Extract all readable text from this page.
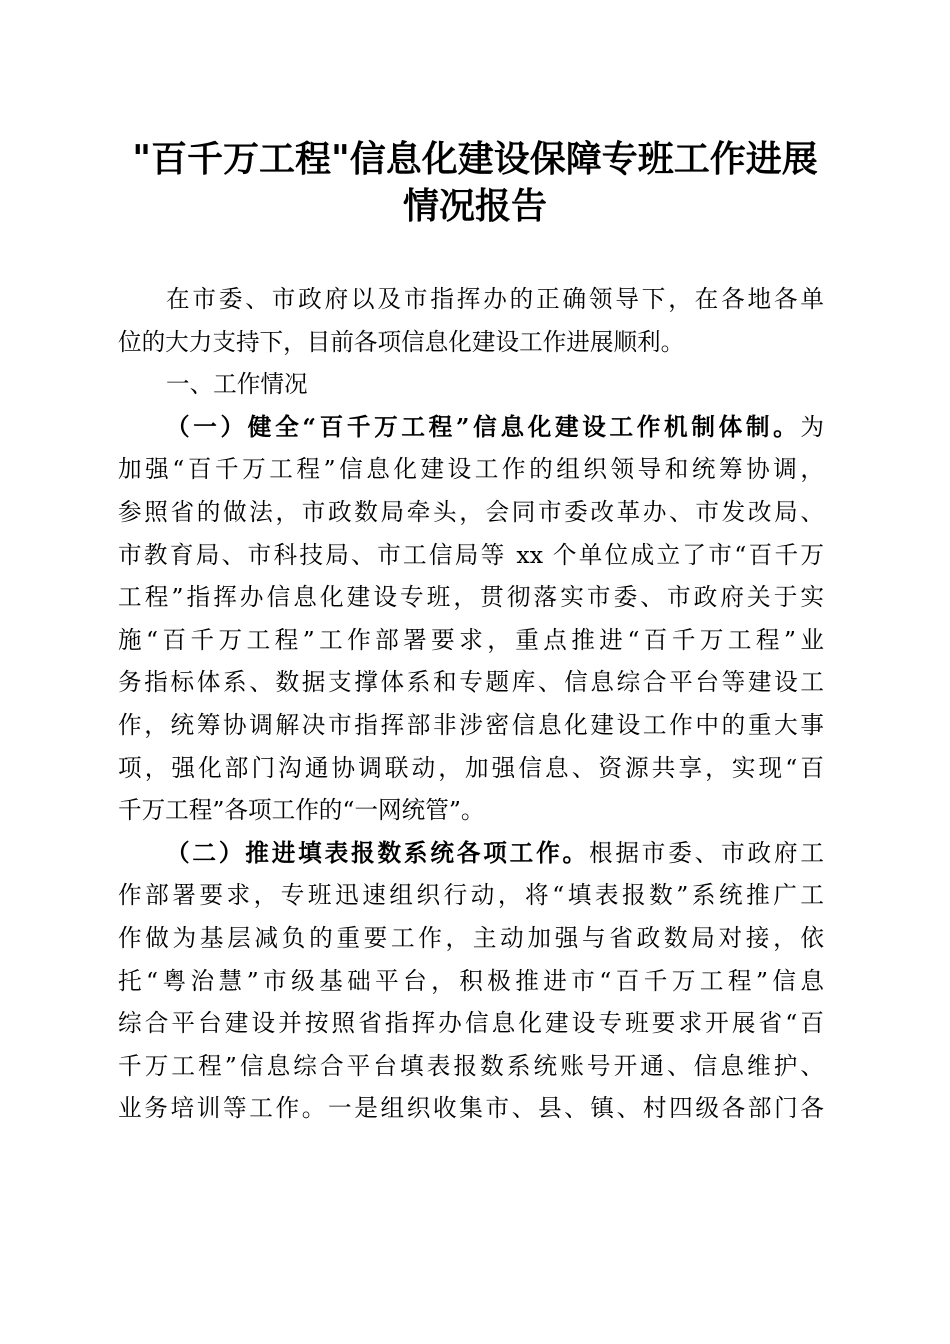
"百千万工程"信息化建设保障专班工作进展
情况报告
在市委、市政府以及市指挥办的正确领导下，在各地各单
位的大力支持下，目前各项信息化建设工作进展顺利。
一、工作情况
（一）健全“百千万工程”信息化建设工作机制体制。为
加强“百千万工程”信息化建设工作的组织领导和统筹协调，
参照省的做法，市政数局牵头，会同市委改革办、市发改局、
市教育局、市科技局、市工信局等 xx 个单位成立了市“百千万
工程”指挥办信息化建设专班，贯彻落实市委、市政府关于实
施“百千万工程”工作部署要求，重点推进“百千万工程”业
务指标体系、数据支撑体系和专题库、信息综合平台等建设工
作，统筹协调解决市指挥部非涉密信息化建设工作中的重大事
项，强化部门沟通协调联动，加强信息、资源共享，实现“百
千万工程”各项工作的“一网统管”。
（二）推进填表报数系统各项工作。根据市委、市政府工
作部署要求，专班迅速组织行动，将“填表报数”系统推广工
作做为基层减负的重要工作，主动加强与省政数局对接，依
托“粤治慧”市级基础平台，积极推进市“百千万工程”信息
综合平台建设并按照省指挥办信息化建设专班要求开展省“百
千万工程”信息综合平台填表报数系统账号开通、信息维护、
业务培训等工作。一是组织收集市、县、镇、村四级各部门各
